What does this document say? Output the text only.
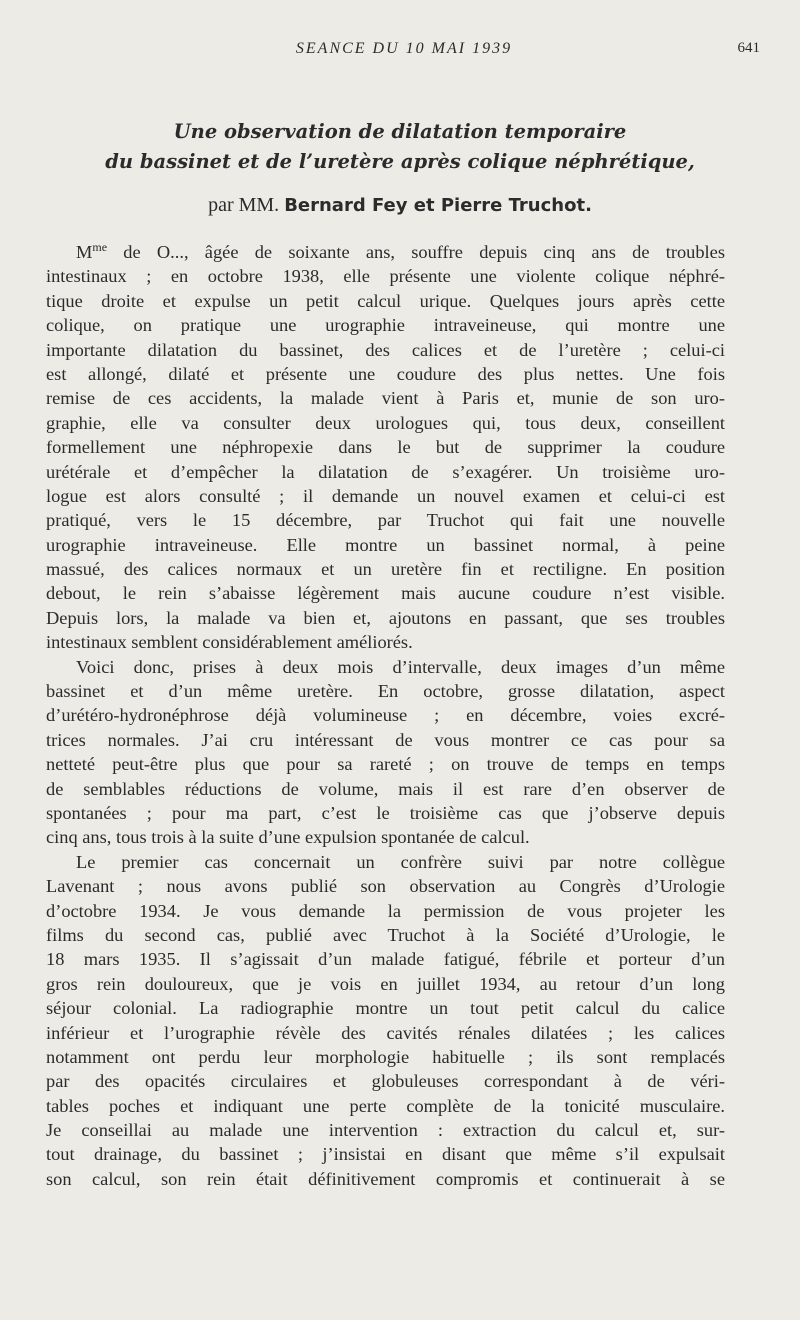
SEANCE DU 10 MAI 1939	641
Une observation de dilatation temporaire
du bassinet et de l’uretère après colique néphrétique,
par MM. Bernard Fey et Pierre Truchot.
$M^{me}$ de O..., âgée de soixante ans, souffre depuis cinq ans de troubles
intestinaux ; en octobre 1938, elle présente une violente colique néphré-
tique droite et expulse un petit calcul urique. Quelques jours après cette
colique, on pratique une urographie intraveineuse, qui montre une
importante dilatation du bassinet, des calices et de l’uretère ; celui-ci
est allongé, dilaté et présente une coudure des plus nettes. Une fois
remise de ces accidents, la malade vient à Paris et, munie de son uro-
graphie, elle va consulter deux urologues qui, tous deux, conseillent
formellement une néphropexie dans le but de supprimer la coudure
urétérale et d’empêcher la dilatation de s’exagérer. Un troisième uro-
logue est alors consulté ; il demande un nouvel examen et celui-ci est
pratiqué, vers le 15 décembre, par Truchot qui fait une nouvelle
urographie intraveineuse. Elle montre un bassinet normal, à peine
massué, des calices normaux et un uretère fin et rectiligne. En position
debout, le rein s’abaisse légèrement mais aucune coudure n’est visible.
Depuis lors, la malade va bien et, ajoutons en passant, que ses troubles
intestinaux semblent considérablement améliorés.
Voici donc, prises à deux mois d’intervalle, deux images d’un même
bassinet et d’un même uretère. En octobre, grosse dilatation, aspect
d’urétéro-hydronéphrose déjà volumineuse ; en décembre, voies excré-
trices normales. J’ai cru intéressant de vous montrer ce cas pour sa
netteté peut-être plus que pour sa rareté ; on trouve de temps en temps
de semblables réductions de volume, mais il est rare d’en observer de
spontanées ; pour ma part, c’est le troisième cas que j’observe depuis
cinq ans, tous trois à la suite d’une expulsion spontanée de calcul.
Le premier cas concernait un confrère suivi par notre collègue
Lavenant ; nous avons publié son observation au Congrès d’Urologie
d’octobre 1934. Je vous demande la permission de vous projeter les
films du second cas, publié avec Truchot à la Société d’Urologie, le
18 mars 1935. Il s’agissait d’un malade fatigué, fébrile et porteur d’un
gros rein douloureux, que je vois en juillet 1934, au retour d’un long
séjour colonial. La radiographie montre un tout petit calcul du calice
inférieur et l’urographie révèle des cavités rénales dilatées ; les calices
notamment ont perdu leur morphologie habituelle ; ils sont remplacés
par des opacités circulaires et globuleuses correspondant à de véri-
tables poches et indiquant une perte complète de la tonicité musculaire.
Je conseillai au malade une intervention : extraction du calcul et, sur-
tout drainage, du bassinet ; j’insistai en disant que même s’il expulsait
son calcul, son rein était définitivement compromis et continuerait à se
